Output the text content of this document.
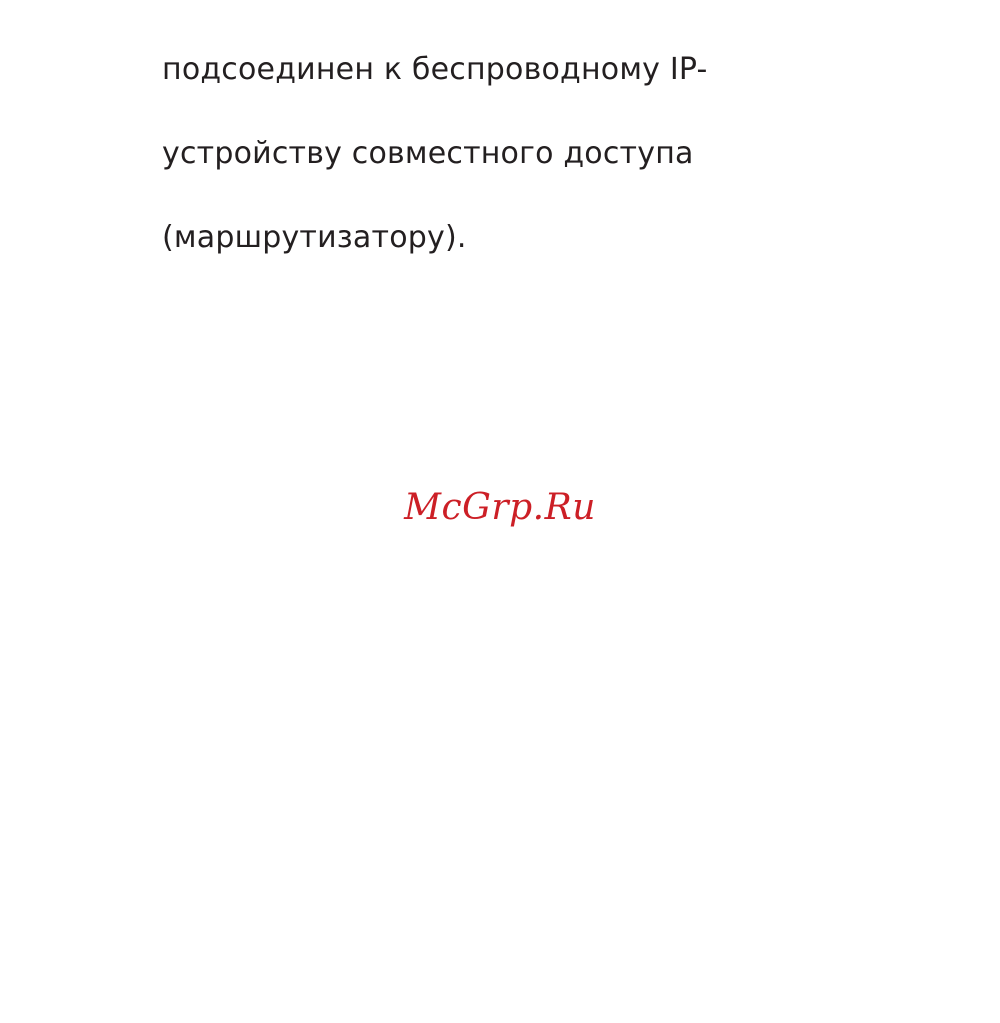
подсоединен к беспроводному IP-
устройству совместного доступа
(маршрутизатору).
McGrp.Ru
